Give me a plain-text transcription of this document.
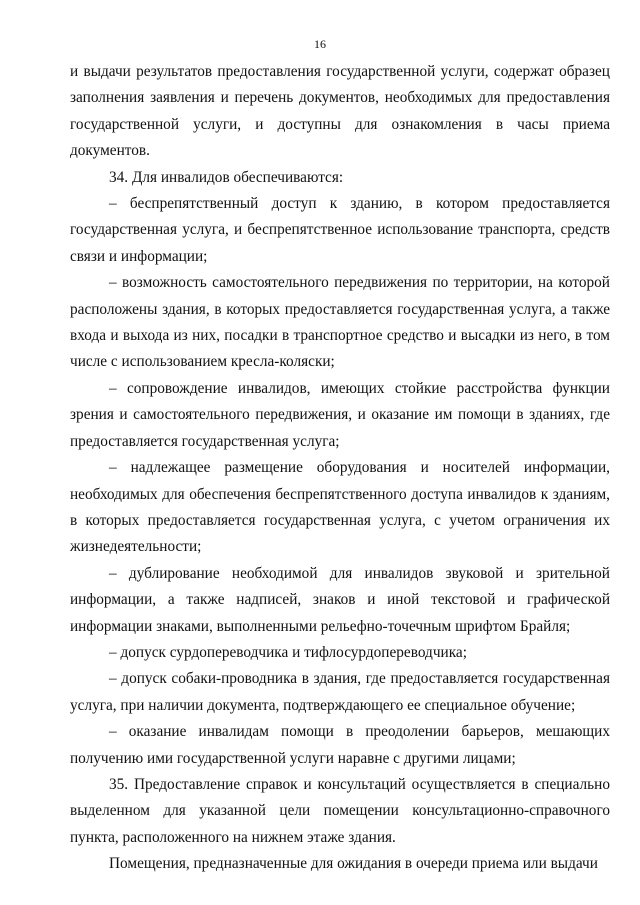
16

и выдачи результатов предоставления государственной услуги, содержат образец заполнения заявления и перечень документов, необходимых для предоставления государственной услуги, и доступны для ознакомления в часы приема документов.

34. Для инвалидов обеспечиваются:

– беспрепятственный доступ к зданию, в котором предоставляется государственная услуга, и беспрепятственное использование транспорта, средств связи и информации;

– возможность самостоятельного передвижения по территории, на которой расположены здания, в которых предоставляется государственная услуга, а также входа и выхода из них, посадки в транспортное средство и высадки из него, в том числе с использованием кресла-коляски;

– сопровождение инвалидов, имеющих стойкие расстройства функции зрения и самостоятельного передвижения, и оказание им помощи в зданиях, где предоставляется государственная услуга;

– надлежащее размещение оборудования и носителей информации, необходимых для обеспечения беспрепятственного доступа инвалидов к зданиям, в которых предоставляется государственная услуга, с учетом ограничения их жизнедеятельности;

– дублирование необходимой для инвалидов звуковой и зрительной информации, а также надписей, знаков и иной текстовой и графической информации знаками, выполненными рельефно-точечным шрифтом Брайля;

– допуск сурдопереводчика и тифлосурдопереводчика;

– допуск собаки-проводника в здания, где предоставляется государственная услуга, при наличии документа, подтверждающего ее специальное обучение;

– оказание инвалидам помощи в преодолении барьеров, мешающих получению ими государственной услуги наравне с другими лицами;

35. Предоставление справок и консультаций осуществляется в специально выделенном для указанной цели помещении консультационно-справочного пункта, расположенного на нижнем этаже здания.

Помещения, предназначенные для ожидания в очереди приема или выдачи
